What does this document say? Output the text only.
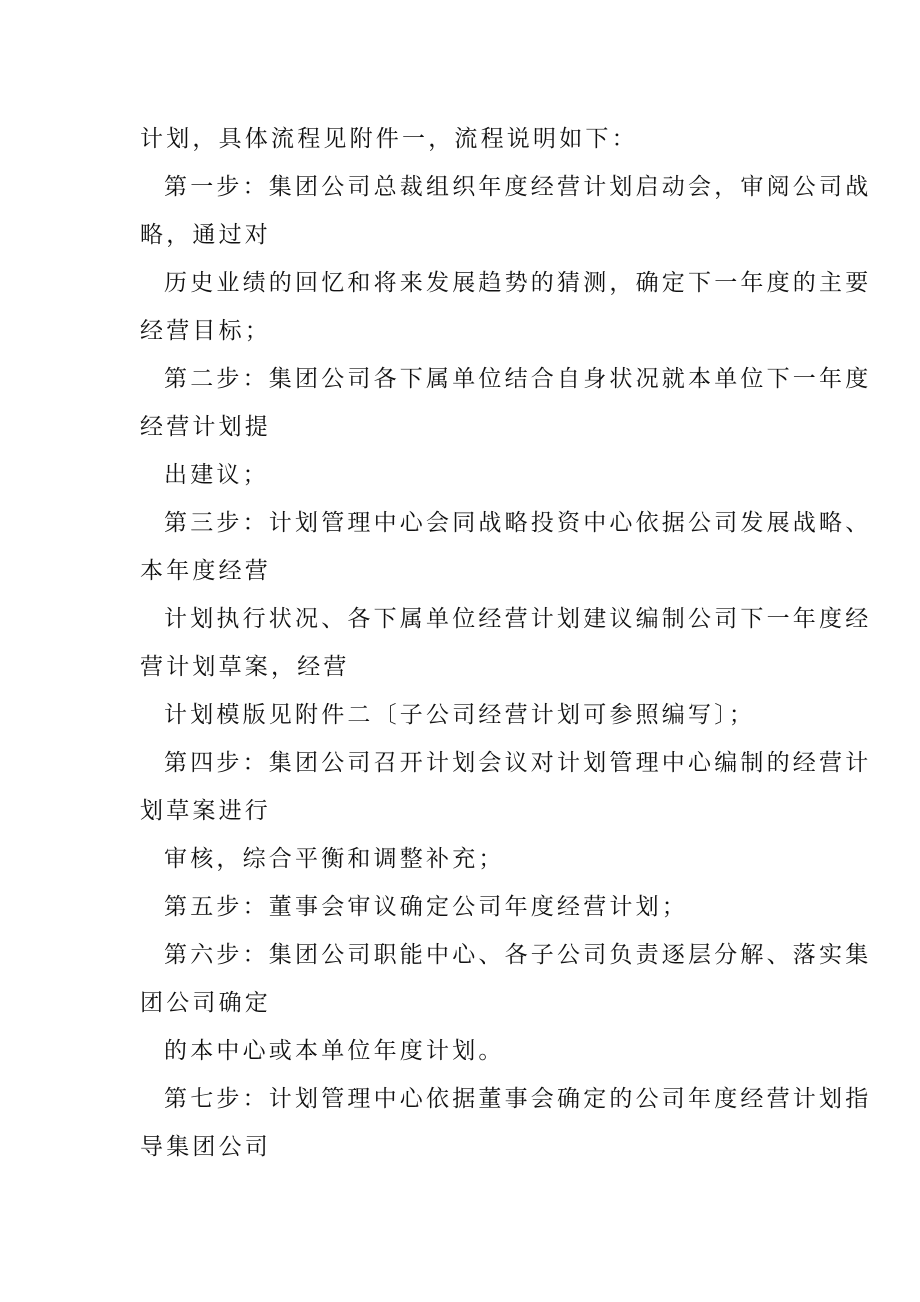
计划，具体流程见附件一，流程说明如下：

第一步：集团公司总裁组织年度经营计划启动会，审阅公司战

略，通过对

历史业绩的回忆和将来发展趋势的猜测，确定下一年度的主要

经营目标；

第二步：集团公司各下属单位结合自身状况就本单位下一年度

经营计划提

出建议；

第三步：计划管理中心会同战略投资中心依据公司发展战略、

本年度经营

计划执行状况、各下属单位经营计划建议编制公司下一年度经

营计划草案，经营

计划模版见附件二〔子公司经营计划可参照编写〕；

第四步：集团公司召开计划会议对计划管理中心编制的经营计

划草案进行

审核，综合平衡和调整补充；

第五步：董事会审议确定公司年度经营计划；

第六步：集团公司职能中心、各子公司负责逐层分解、落实集

团公司确定

的本中心或本单位年度计划。

第七步：计划管理中心依据董事会确定的公司年度经营计划指

导集团公司
